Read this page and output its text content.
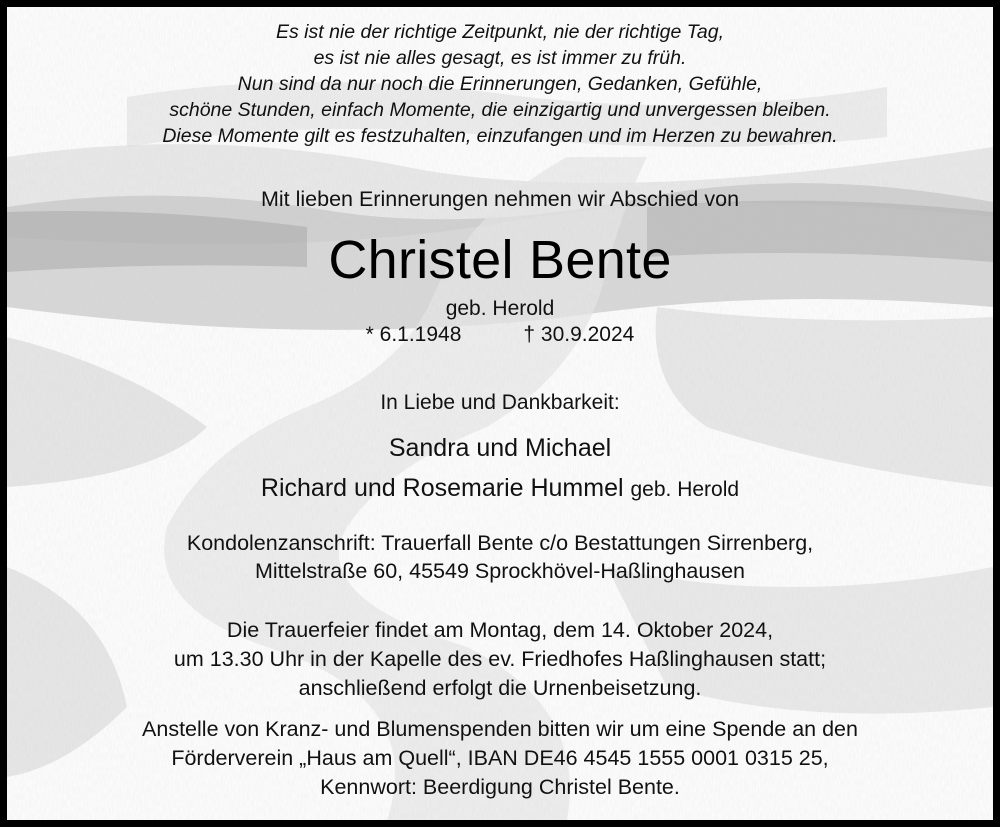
Es ist nie der richtige Zeitpunkt, nie der richtige Tag,
es ist nie alles gesagt, es ist immer zu früh.
Nun sind da nur noch die Erinnerungen, Gedanken, Gefühle,
schöne Stunden, einfach Momente, die einzigartig und unvergessen bleiben.
Diese Momente gilt es festzuhalten, einzufangen und im Herzen zu bewahren.
Mit lieben Erinnerungen nehmen wir Abschied von
Christel Bente
geb. Herold
* 6.1.1948	† 30.9.2024
In Liebe und Dankbarkeit:
Sandra und Michael
Richard und Rosemarie Hummel geb. Herold
Kondolenzanschrift: Trauerfall Bente c/o Bestattungen Sirrenberg,
Mittelstraße 60, 45549 Sprockhövel-Haßlinghausen
Die Trauerfeier findet am Montag, dem 14. Oktober 2024,
um 13.30 Uhr in der Kapelle des ev. Friedhofes Haßlinghausen statt;
anschließend erfolgt die Urnenbeisetzung.
Anstelle von Kranz- und Blumenspenden bitten wir um eine Spende an den
Förderverein „Haus am Quell“, IBAN DE46 4545 1555 0001 0315 25,
Kennwort: Beerdigung Christel Bente.
